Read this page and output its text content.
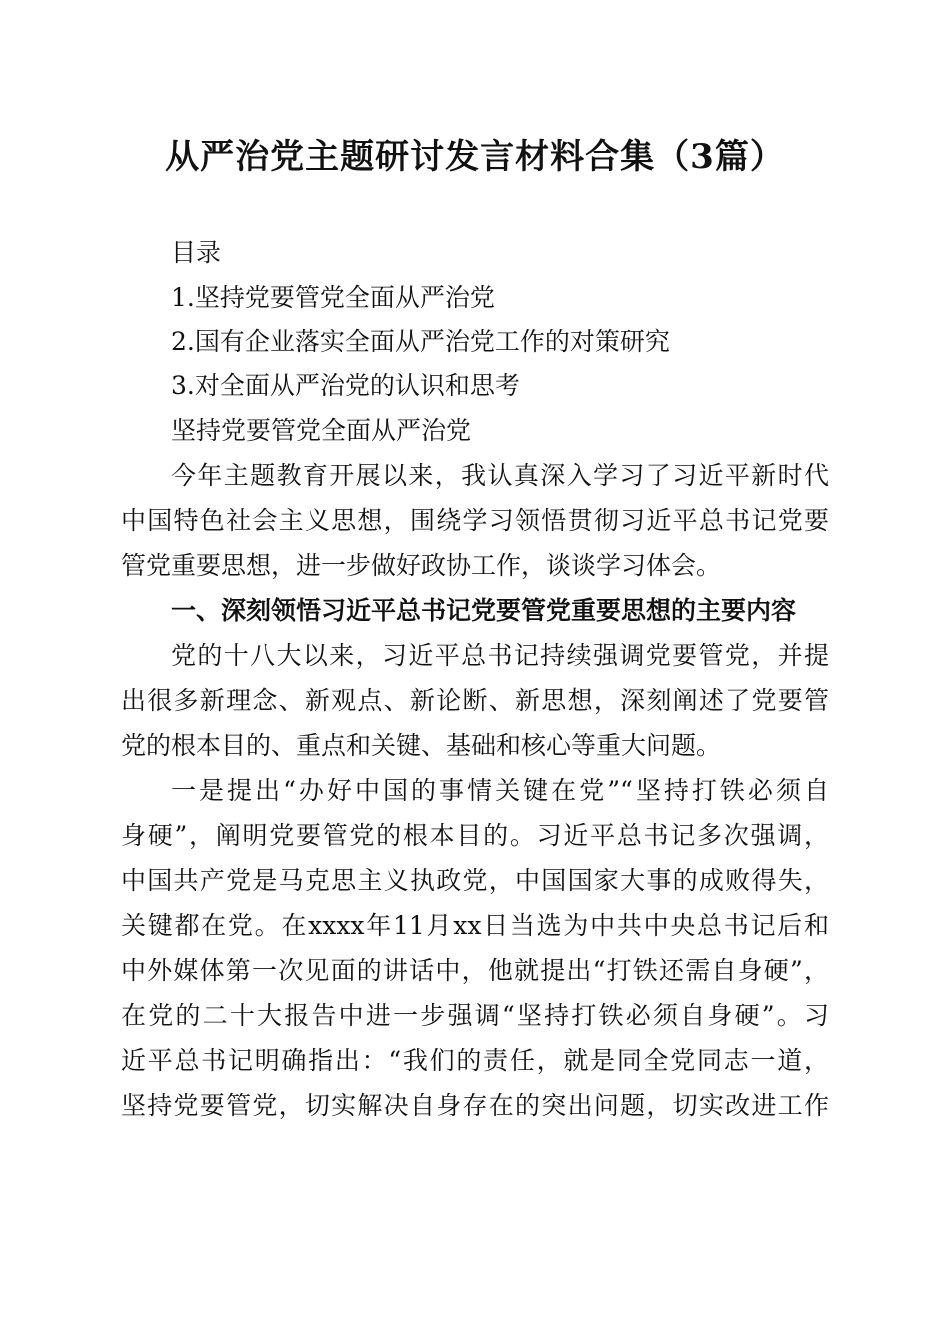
从严治党主题研讨发言材料合集（3篇）
目录
1.坚持党要管党全面从严治党
2.国有企业落实全面从严治党工作的对策研究
3.对全面从严治党的认识和思考
坚持党要管党全面从严治党
今年主题教育开展以来，我认真深入学习了习近平新时代
中国特色社会主义思想，围绕学习领悟贯彻习近平总书记党要
管党重要思想，进一步做好政协工作，谈谈学习体会。
一、深刻领悟习近平总书记党要管党重要思想的主要内容
党的十八大以来，习近平总书记持续强调党要管党，并提
出很多新理念、新观点、新论断、新思想，深刻阐述了党要管
党的根本目的、重点和关键、基础和核心等重大问题。
一是提出“办好中国的事情关键在党”“坚持打铁必须自
身硬”，阐明党要管党的根本目的。习近平总书记多次强调，
中国共产党是马克思主义执政党，中国国家大事的成败得失，
关键都在党。在xxxx年11月xx日当选为中共中央总书记后和
中外媒体第一次见面的讲话中，他就提出“打铁还需自身硬”，
在党的二十大报告中进一步强调“坚持打铁必须自身硬”。习
近平总书记明确指出：“我们的责任，就是同全党同志一道，
坚持党要管党，切实解决自身存在的突出问题，切实改进工作
